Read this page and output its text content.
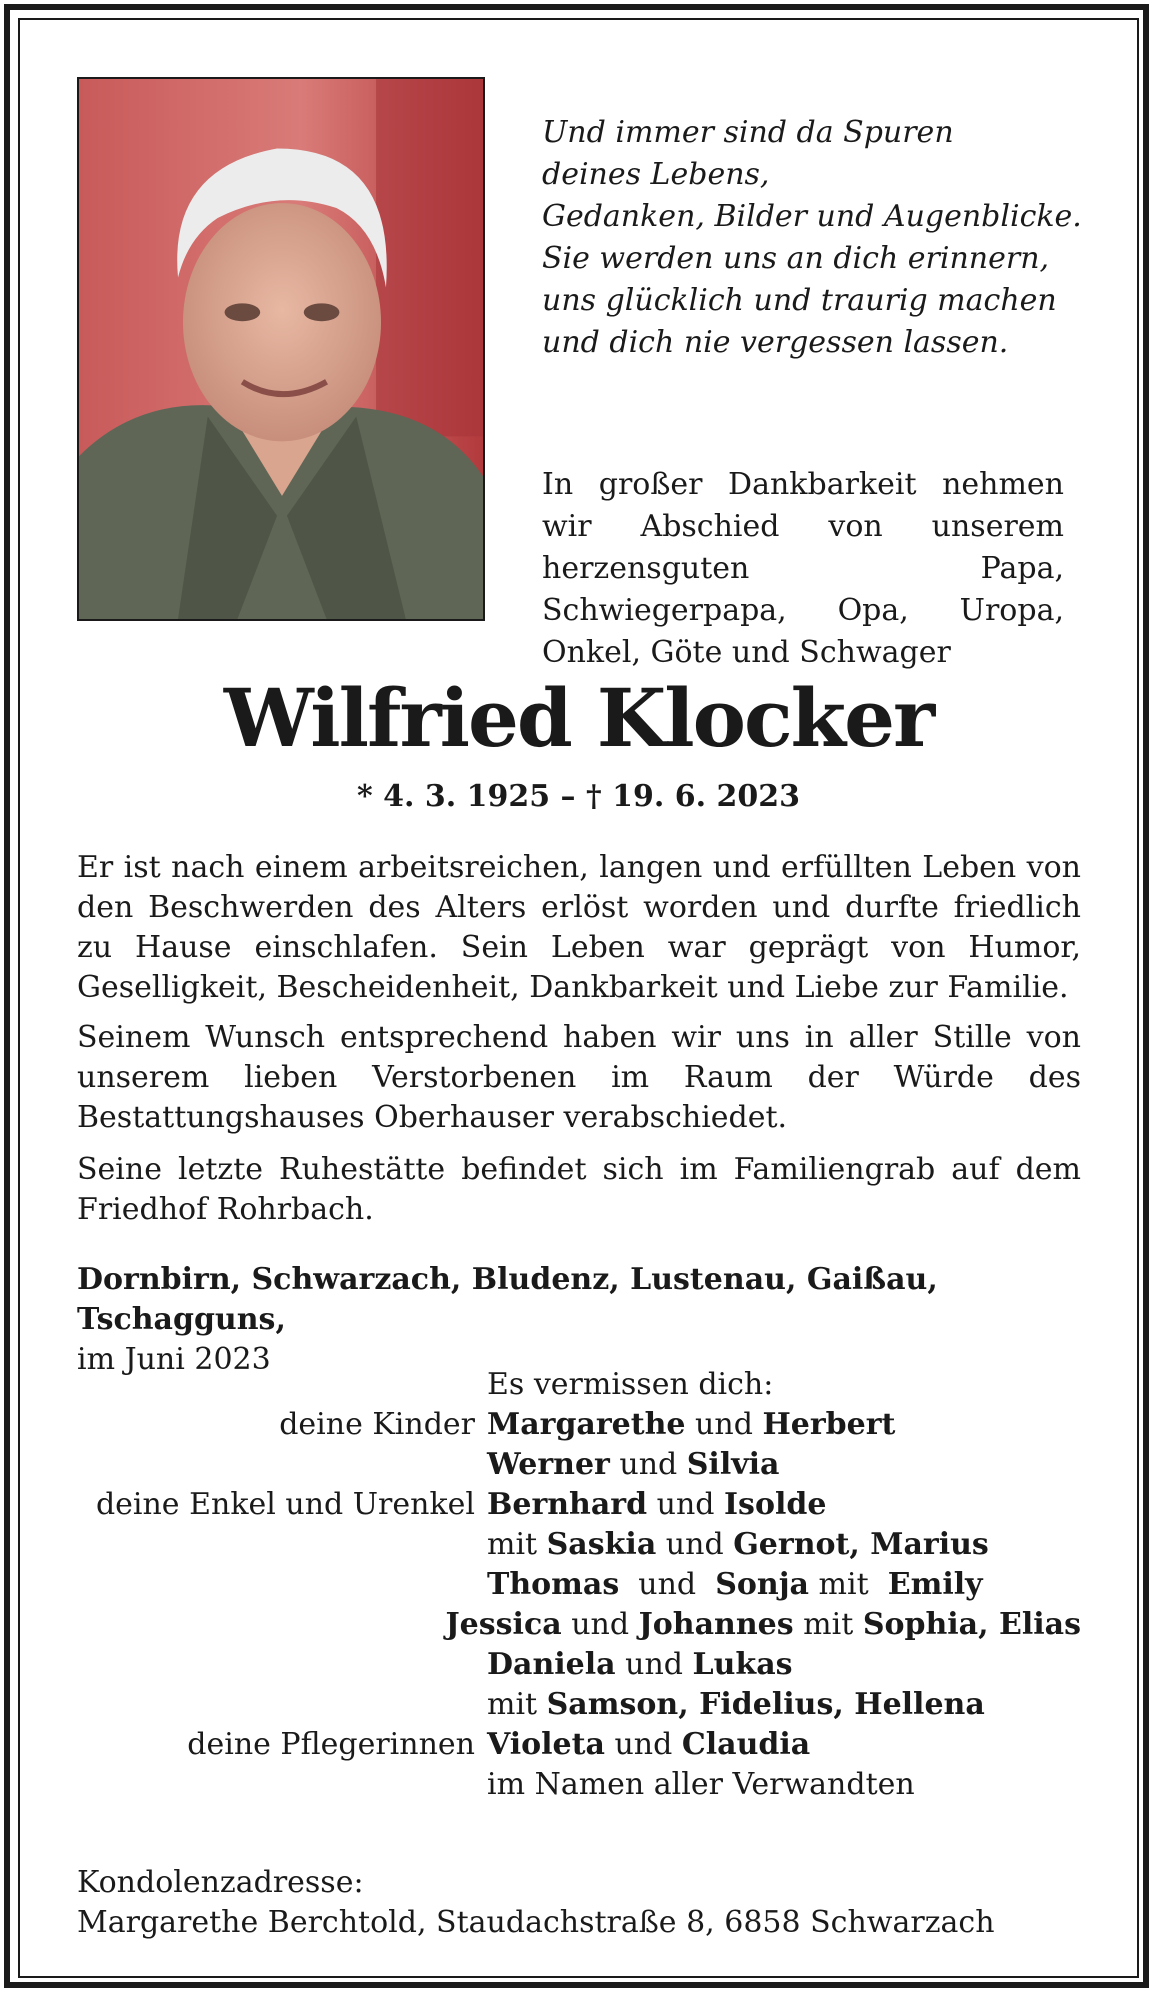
Und immer sind da Spuren
deines Lebens,
Gedanken, Bilder und Augenblicke.
Sie werden uns an dich erinnern,
uns glücklich und traurig machen
und dich nie vergessen lassen.
In großer Dankbarkeit nehmen wir Abschied von unserem herzensguten Papa, Schwiegerpapa, Opa, Uropa, Onkel, Göte und Schwager
Wilfried Klocker
* 4. 3. 1925 – † 19. 6. 2023
Er ist nach einem arbeitsreichen, langen und erfüllten Leben von den Beschwerden des Alters erlöst worden und durfte friedlich zu Hause einschlafen. Sein Leben war geprägt von Humor, Geselligkeit, Bescheidenheit, Dankbarkeit und Liebe zur Familie.
Seinem Wunsch entsprechend haben wir uns in aller Stille von unserem lieben Verstorbenen im Raum der Würde des Bestattungshauses Oberhauser verabschiedet.
Seine letzte Ruhestätte befindet sich im Familiengrab auf dem Friedhof Rohrbach.
Dornbirn, Schwarzach, Bludenz, Lustenau, Gaißau, Tschagguns,
im Juni 2023
Es vermissen dich:
deine Kinder Margarethe und Herbert
Werner und Silvia
deine Enkel und Urenkel Bernhard und Isolde
mit Saskia und Gernot, Marius
Thomas  und  Sonja mit  Emily
Jessica und Johannes mit Sophia, Elias
Daniela und Lukas
mit Samson, Fidelius, Hellena
deine Pflegerinnen Violeta und Claudia
im Namen aller Verwandten
Kondolenzadresse:
Margarethe Berchtold, Staudachstraße 8, 6858 Schwarzach
